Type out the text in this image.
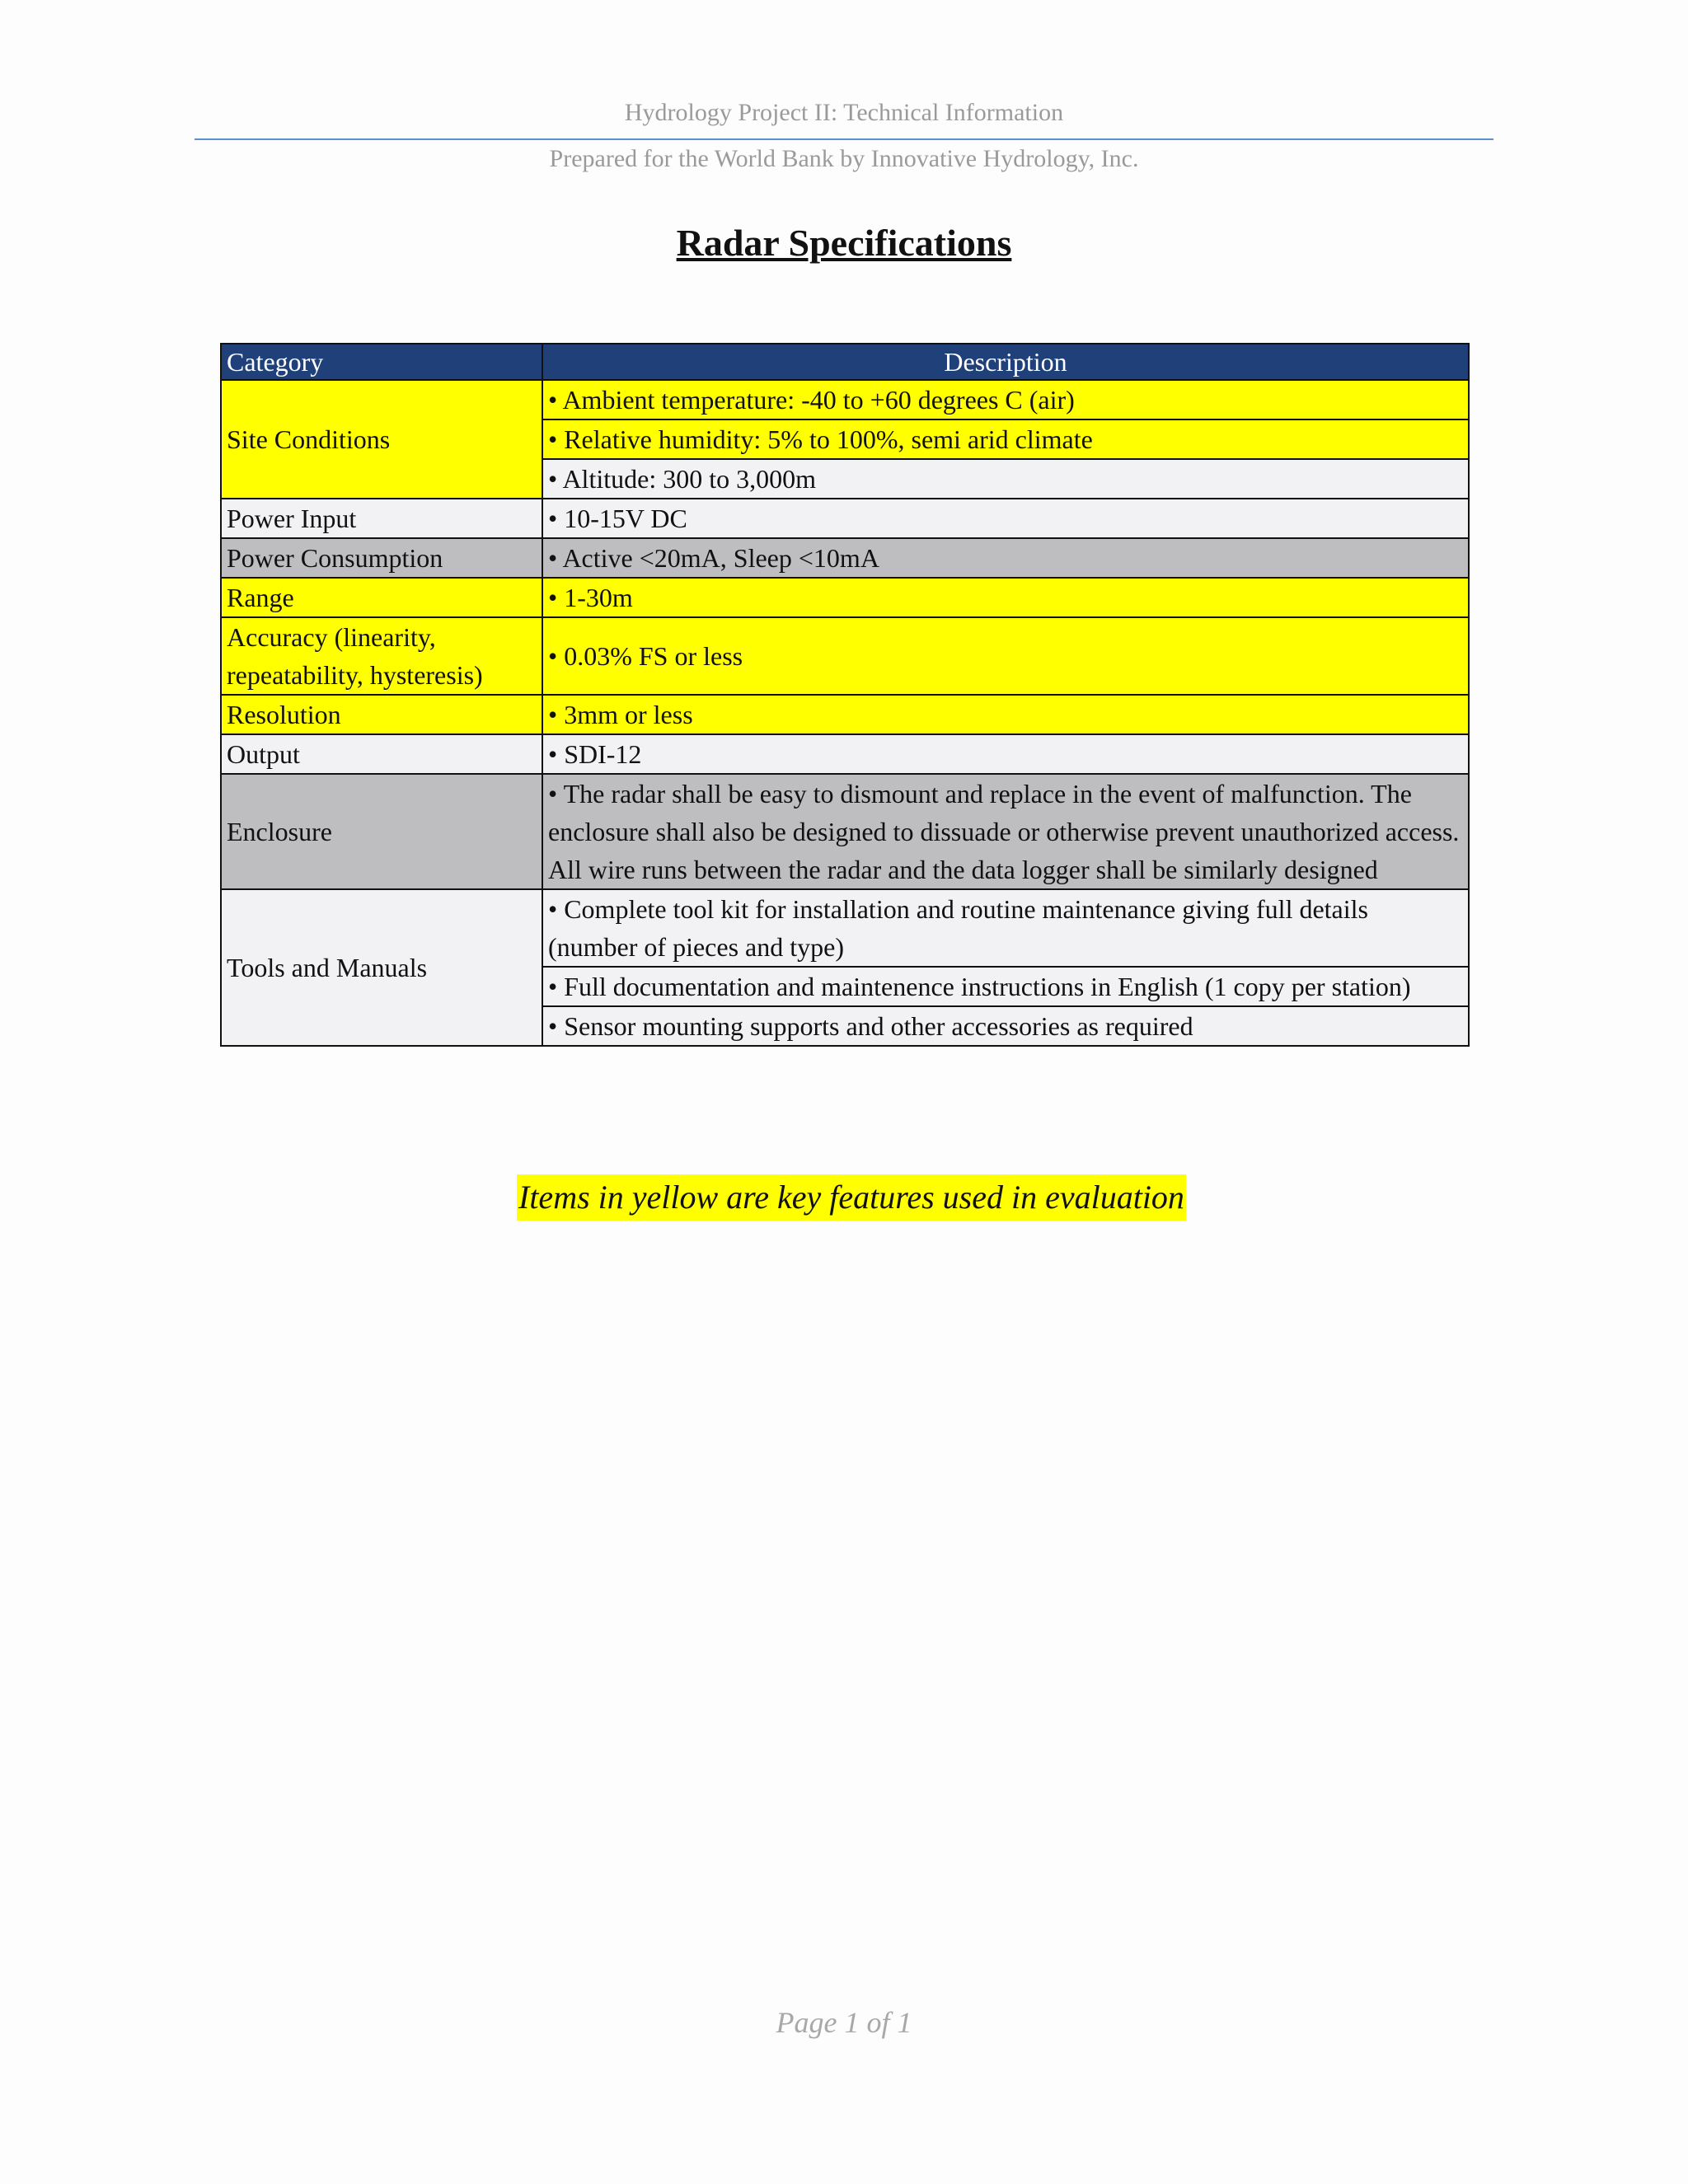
Hydrology Project II: Technical Information
Prepared for the World Bank by Innovative Hydrology, Inc.
Radar Specifications
Category	Description
Site Conditions	• Ambient temperature: -40 to +60 degrees C (air)
	• Relative humidity: 5% to 100%, semi arid climate
	• Altitude: 300 to 3,000m
Power Input	• 10-15V DC
Power Consumption	• Active <20mA, Sleep <10mA
Range	• 1-30m
Accuracy (linearity, repeatability, hysteresis)	• 0.03% FS or less
Resolution	• 3mm or less
Output	• SDI-12
Enclosure	• The radar shall be easy to dismount and replace in the event of malfunction. The enclosure shall also be designed to dissuade or otherwise prevent unauthorized access. All wire runs between the radar and the data logger shall be similarly designed
Tools and Manuals	• Complete tool kit for installation and routine maintenance giving full details (number of pieces and type)
	• Full documentation and maintenence instructions in English (1 copy per station)
	• Sensor mounting supports and other accessories as required
Items in yellow are key features used in evaluation
Page 1 of 1
